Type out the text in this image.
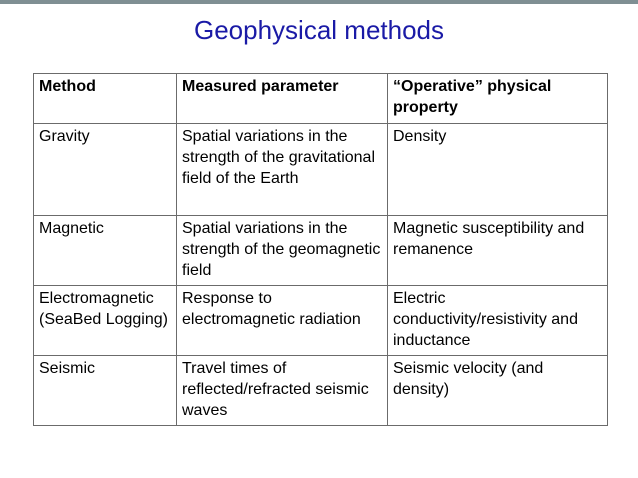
Geophysical methods
Method	Measured parameter	“Operative” physical property
Gravity	Spatial variations in the strength of the gravitational field of the Earth	Density
Magnetic	Spatial variations in the strength of the geomagnetic field	Magnetic susceptibility and remanence
Electromagnetic (SeaBed Logging)	Response to electromagnetic radiation	Electric conductivity/resistivity and inductance
Seismic	Travel times of reflected/refracted seismic waves	Seismic velocity (and density)
